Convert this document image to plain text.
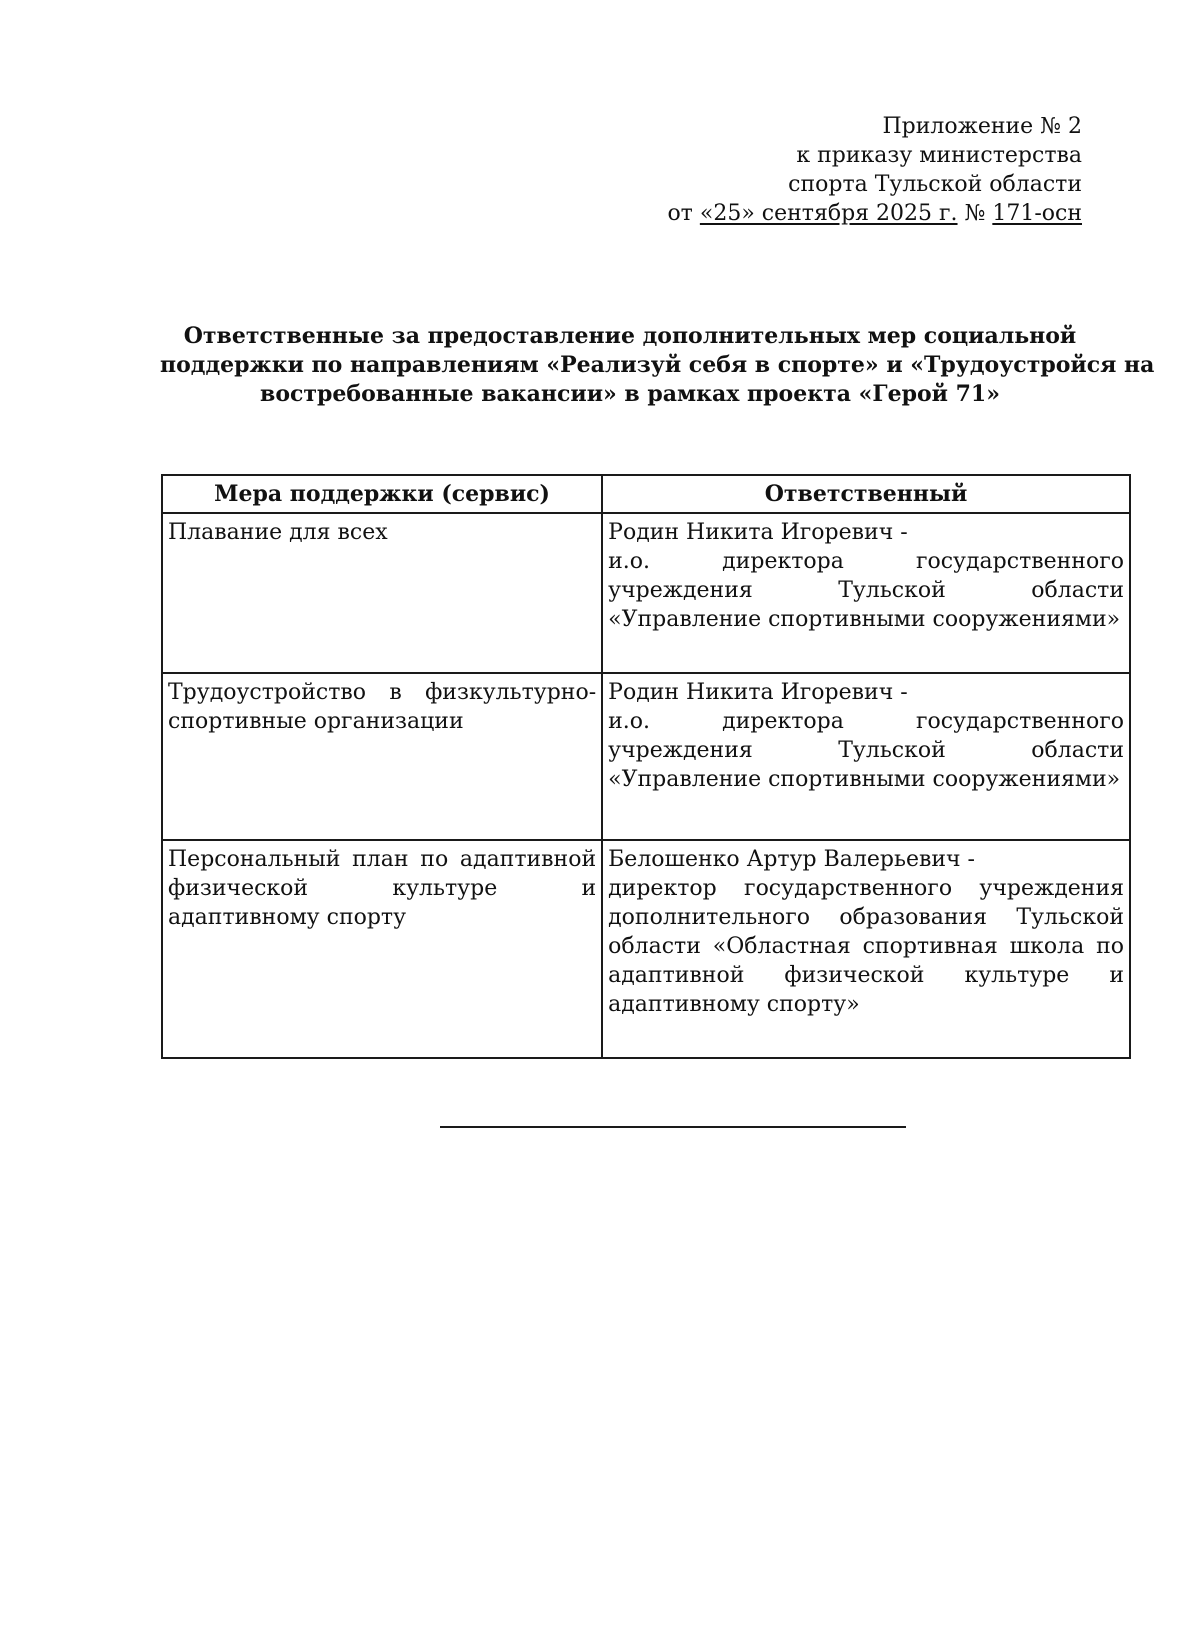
Приложение № 2
к приказу министерства
спорта Тульской области
от «25» сентября 2025 г. № 171-осн
Ответственные за предоставление дополнительных мер социальной
поддержки по направлениям «Реализуй себя в спорте» и «Трудоустройся на
востребованные вакансии» в рамках проекта «Герой 71»
Мера поддержки (сервис)	Ответственный
Плавание для всех	Родин Никита Игоревич -
и.о. директора государственного учреждения Тульской области «Управление спортивными сооружениями»

Трудоустройство в физкультурно-спортивные организации	Родин Никита Игоревич -
и.о. директора государственного учреждения Тульской области «Управление спортивными сооружениями»

Персональный план по адаптивной физической культуре и адаптивному спорту	Белошенко Артур Валерьевич -
директор государственного учреждения дополнительного образования Тульской области «Областная спортивная школа по адаптивной физической культуре и адаптивному спорту»
